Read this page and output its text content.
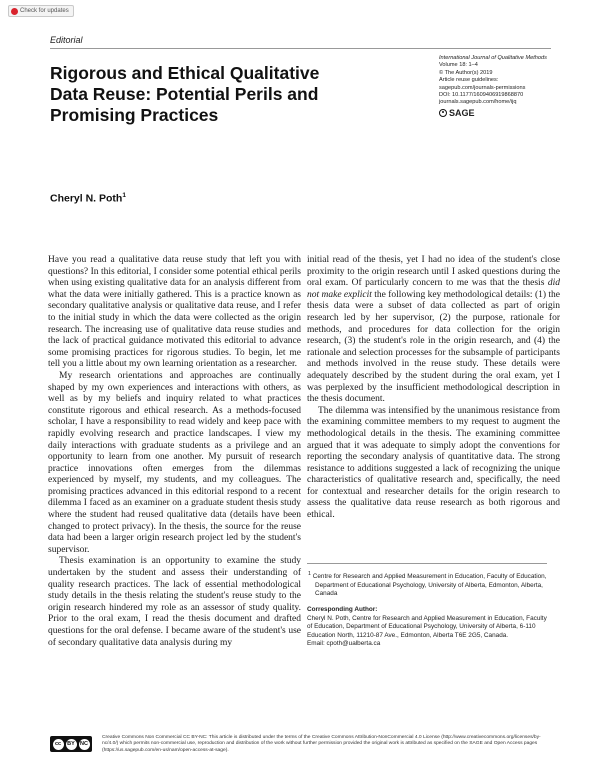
Check for updates
Editorial
Rigorous and Ethical Qualitative Data Reuse: Potential Perils and Promising Practices
International Journal of Qualitative Methods
Volume 18: 1–4
© The Author(s) 2019
Article reuse guidelines:
sagepub.com/journals-permissions
DOI: 10.1177/1609406919868870
journals.sagepub.com/home/ijq
SAGE
Cheryl N. Poth$^1$

Have you read a qualitative data reuse study that left you with questions? In this editorial, I consider some potential ethical perils when using existing qualitative data for an analysis different from what the data were initially gathered. This is a practice known as secondary qualitative analysis or qualitative data reuse, and I refer to the initial study in which the data were collected as the origin research. The increasing use of qualitative data reuse studies and the lack of practical guidance motivated this editorial to advance some promising practices for rigorous studies. To begin, let me tell you a little about my own learning orientation as a researcher.

My research orientations and approaches are continually shaped by my own experiences and interactions with others, as well as by my beliefs and inquiry related to what practices constitute rigorous and ethical research. As a methods-focused scholar, I have a responsibility to read widely and keep pace with rapidly evolving research and practice landscapes. I view my daily interactions with graduate students as a privilege and an opportunity to learn from one another. My pursuit of research practice innovations often emerges from the dilemmas experienced by myself, my students, and my colleagues. The promising practices advanced in this editorial respond to a recent dilemma I faced as an examiner on a graduate student thesis study where the student had reused qualitative data (details have been changed to protect privacy). In the thesis, the source for the reuse data had been a larger origin research project led by the student's supervisor.

Thesis examination is an opportunity to examine the study undertaken by the student and assess their understanding of quality research practices. The lack of essential methodological study details in the thesis relating the student's reuse study to the origin research hindered my role as an assessor of study quality. Prior to the oral exam, I read the thesis document and drafted questions for the oral defense. I became aware of the student's use of secondary qualitative data analysis during my

initial read of the thesis, yet I had no idea of the student's close proximity to the origin research until I asked questions during the oral exam. Of particularly concern to me was that the thesis did not make explicit the following key methodological details: (1) the thesis data were a subset of data collected as part of origin research led by her supervisor, (2) the purpose, rationale for methods, and procedures for data collection for the origin research, (3) the student's role in the origin research, and (4) the rationale and selection processes for the subsample of participants and methods involved in the reuse study. These details were adequately described by the student during the oral exam, yet I was perplexed by the insufficient methodological description in the thesis document.

The dilemma was intensified by the unanimous resistance from the examining committee members to my request to augment the methodological details in the thesis. The examining committee argued that it was adequate to simply adopt the conventions for reporting the secondary analysis of quantitative data. The strong resistance to additions suggested a lack of recognizing the unique characteristics of qualitative research and, specifically, the need for contextual and researcher details for the origin research to assess the qualitative data reuse research as both rigorous and ethical.

$^1$ Centre for Research and Applied Measurement in Education, Faculty of Education, Department of Educational Psychology, University of Alberta, Edmonton, Alberta, Canada
Corresponding Author:
Cheryl N. Poth, Centre for Research and Applied Measurement in Education, Faculty of Education, Department of Educational Psychology, University of Alberta, 6-110 Education North, 11210-87 Ave., Edmonton, Alberta T6E 2G5, Canada.
Email: cpoth@ualberta.ca
cc	BY NC
Creative Commons Non Commercial CC BY-NC: This article is distributed under the terms of the Creative Commons Attribution-NonCommercial 4.0 License (http://www.creativecommons.org/licenses/by-nc/4.0/) which permits non-commercial use, reproduction and distribution of the work without further permission provided the original work is attributed as specified on the SAGE and Open Access pages (https://us.sagepub.com/en-us/nam/open-access-at-sage).
